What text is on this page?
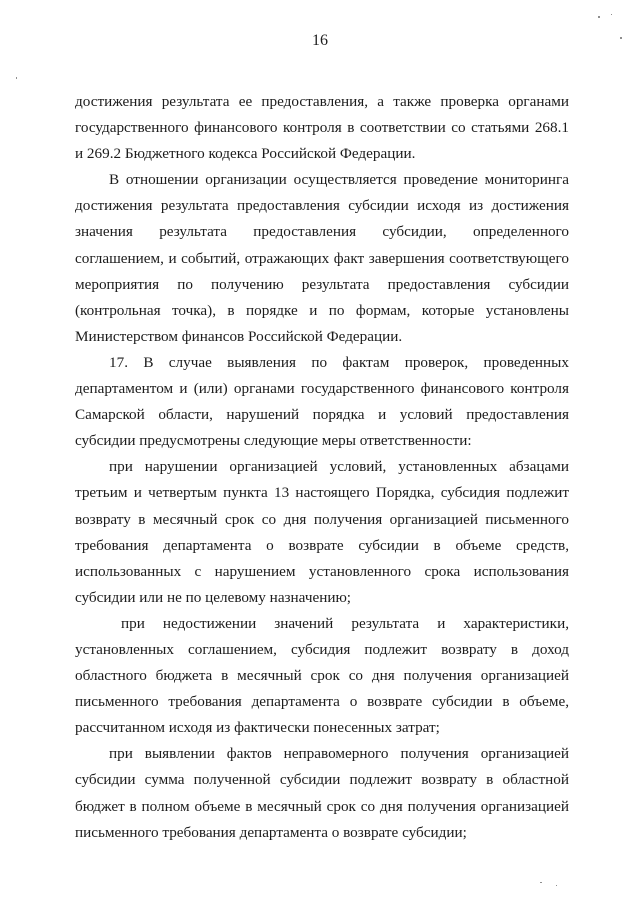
16
достижения результата ее предоставления, а также проверка органами
государственного финансового контроля в соответствии со статьями 268.1
и 269.2 Бюджетного кодекса Российской Федерации.
В отношении организации осуществляется проведение мониторинга
достижения результата предоставления субсидии исходя из достижения
значения результата предоставления субсидии, определенного
соглашением, и событий, отражающих факт завершения соответствующего
мероприятия по получению результата предоставления субсидии
(контрольная точка), в порядке и по формам, которые установлены
Министерством финансов Российской Федерации.
17. В случае выявления по фактам проверок, проведенных
департаментом и (или) органами государственного финансового контроля
Самарской области, нарушений порядка и условий предоставления
субсидии предусмотрены следующие меры ответственности:
при нарушении организацией условий, установленных абзацами
третьим и четвертым пункта 13 настоящего Порядка, субсидия подлежит
возврату в месячный срок со дня получения организацией письменного
требования департамента о возврате субсидии в объеме средств,
использованных с нарушением установленного срока использования
субсидии или не по целевому назначению;
при недостижении значений результата и характеристики,
установленных соглашением, субсидия подлежит возврату в доход
областного бюджета в месячный срок со дня получения организацией
письменного требования департамента о возврате субсидии в объеме,
рассчитанном исходя из фактически понесенных затрат;
при выявлении фактов неправомерного получения организацией
субсидии сумма полученной субсидии подлежит возврату в областной
бюджет в полном объеме в месячный срок со дня получения организацией
письменного требования департамента о возврате субсидии;
